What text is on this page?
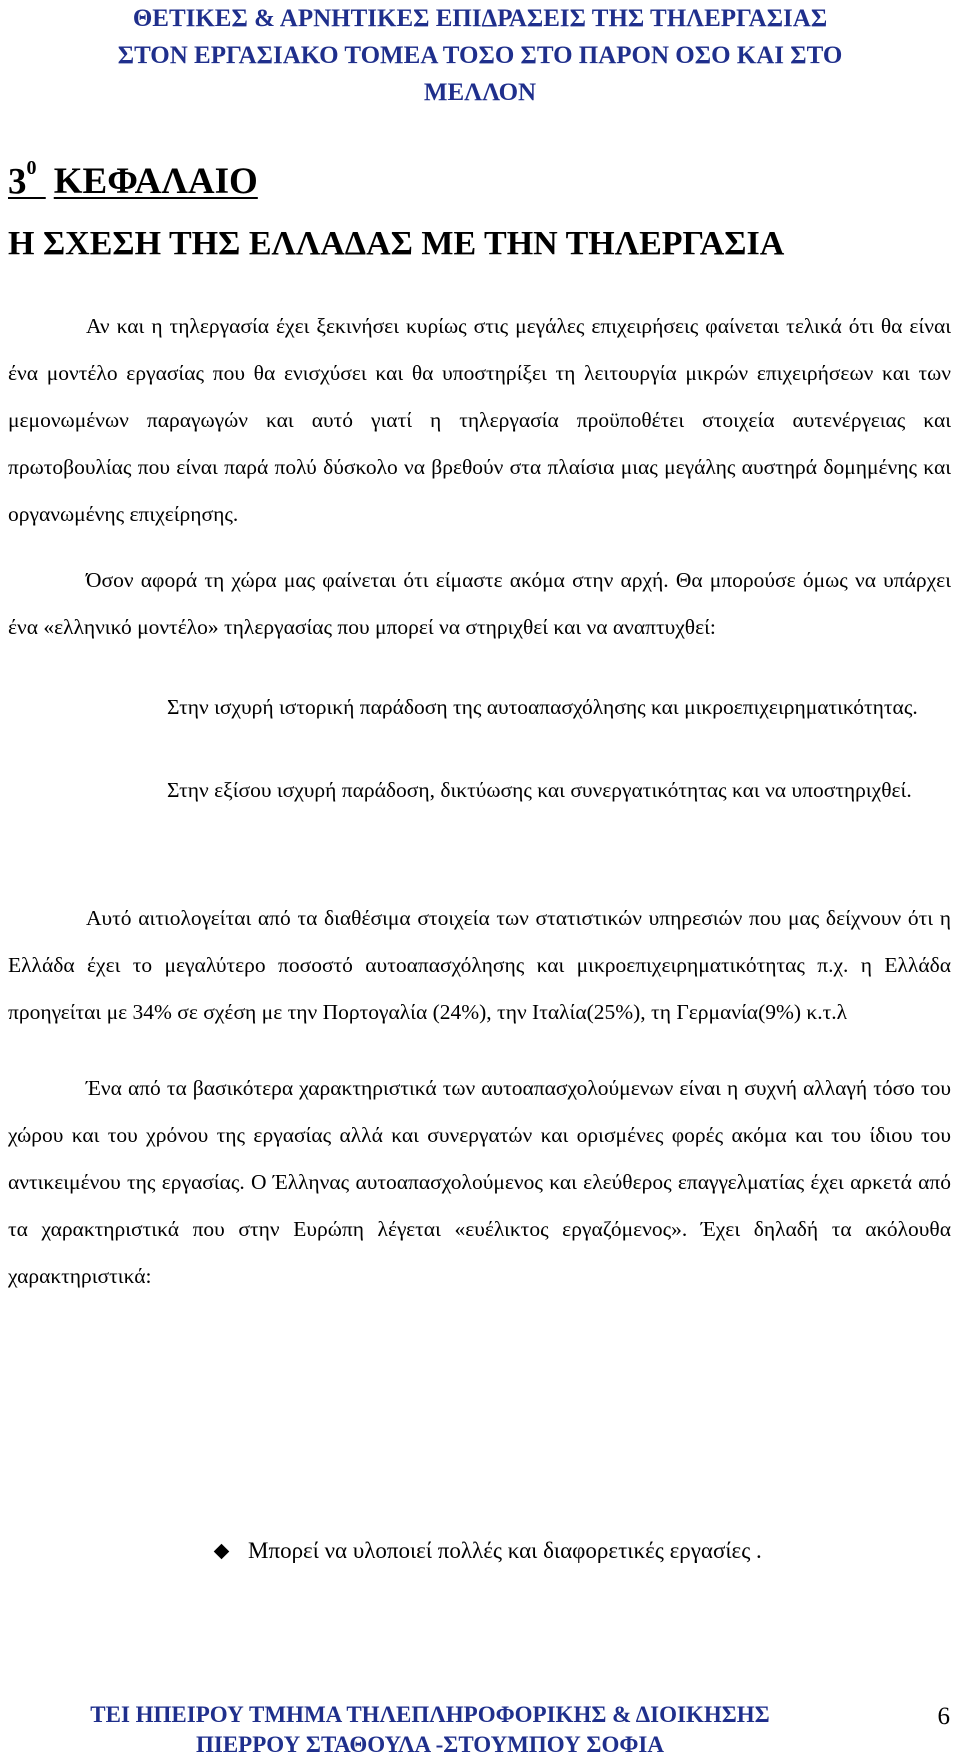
ΘΕΤΙΚΕΣ & ΑΡΝΗΤΙΚΕΣ ΕΠΙΔΡΑΣΕΙΣ ΤΗΣ ΤΗΛΕΡΓΑΣΙΑΣ
ΣΤΟΝ ΕΡΓΑΣΙΑΚΟ ΤΟΜΕΑ ΤΟΣΟ ΣΤΟ ΠΑΡΟΝ ΟΣΟ ΚΑΙ ΣΤΟ
ΜΕΛΛΟΝ
$3^0$ ΚΕΦΑΛΑΙΟ
Η ΣΧΕΣΗ ΤΗΣ ΕΛΛΑΔΑΣ ΜΕ ΤΗΝ ΤΗΛΕΡΓΑΣΙΑ

Αν και η τηλεργασία έχει ξεκινήσει κυρίως στις μεγάλες επιχειρήσεις φαίνεται τελικά ότι θα είναι ένα μοντέλο εργασίας που θα ενισχύσει και θα υποστηρίξει τη λειτουργία μικρών επιχειρήσεων και των μεμονωμένων παραγωγών και αυτό γιατί η τηλεργασία προϋποθέτει στοιχεία αυτενέργειας και πρωτοβουλίας που είναι παρά πολύ δύσκολο να βρεθούν στα πλαίσια μιας μεγάλης αυστηρά δομημένης και οργανωμένης επιχείρησης.

Όσον αφορά τη χώρα μας φαίνεται ότι είμαστε ακόμα στην αρχή. Θα μπορούσε όμως να υπάρχει ένα «ελληνικό μοντέλο» τηλεργασίας που μπορεί να στηριχθεί και να αναπτυχθεί:

Στην ισχυρή ιστορική παράδοση της αυτοαπασχόλησης και μικροεπιχειρηματικότητας.

Στην εξίσου ισχυρή παράδοση, δικτύωσης και συνεργατικότητας και να υποστηριχθεί.

Αυτό αιτιολογείται από τα διαθέσιμα στοιχεία των στατιστικών υπηρεσιών που μας δείχνουν ότι η Ελλάδα έχει το μεγαλύτερο ποσοστό αυτοαπασχόλησης και μικροεπιχειρηματικότητας π.χ. η Ελλάδα προηγείται με 34% σε σχέση με την Πορτογαλία (24%), την Ιταλία(25%), τη Γερμανία(9%) κ.τ.λ

Ένα από τα βασικότερα χαρακτηριστικά των αυτοαπασχολούμενων είναι η συχνή αλλαγή τόσο του χώρου και του χρόνου της εργασίας αλλά και συνεργατών και ορισμένες φορές ακόμα και του ίδιου του αντικειμένου της εργασίας. Ο Έλληνας αυτοαπασχολούμενος και ελεύθερος επαγγελματίας έχει αρκετά από τα χαρακτηριστικά που στην Ευρώπη λέγεται «ευέλικτος εργαζόμενος». Έχει δηλαδή τα ακόλουθα χαρακτηριστικά:

Μπορεί να υλοποιεί πολλές και διαφορετικές εργασίες .
ΤΕΙ ΗΠΕΙΡΟΥ ΤΜΗΜΑ ΤΗΛΕΠΛΗΡΟΦΟΡΙΚΗΣ & ΔΙΟΙΚΗΣΗΣ
ΠΙΕΡΡΟΥ ΣΤΑΘΟΥΛΑ -ΣΤΟΥΜΠΟΥ ΣΟΦΙΑ
6
